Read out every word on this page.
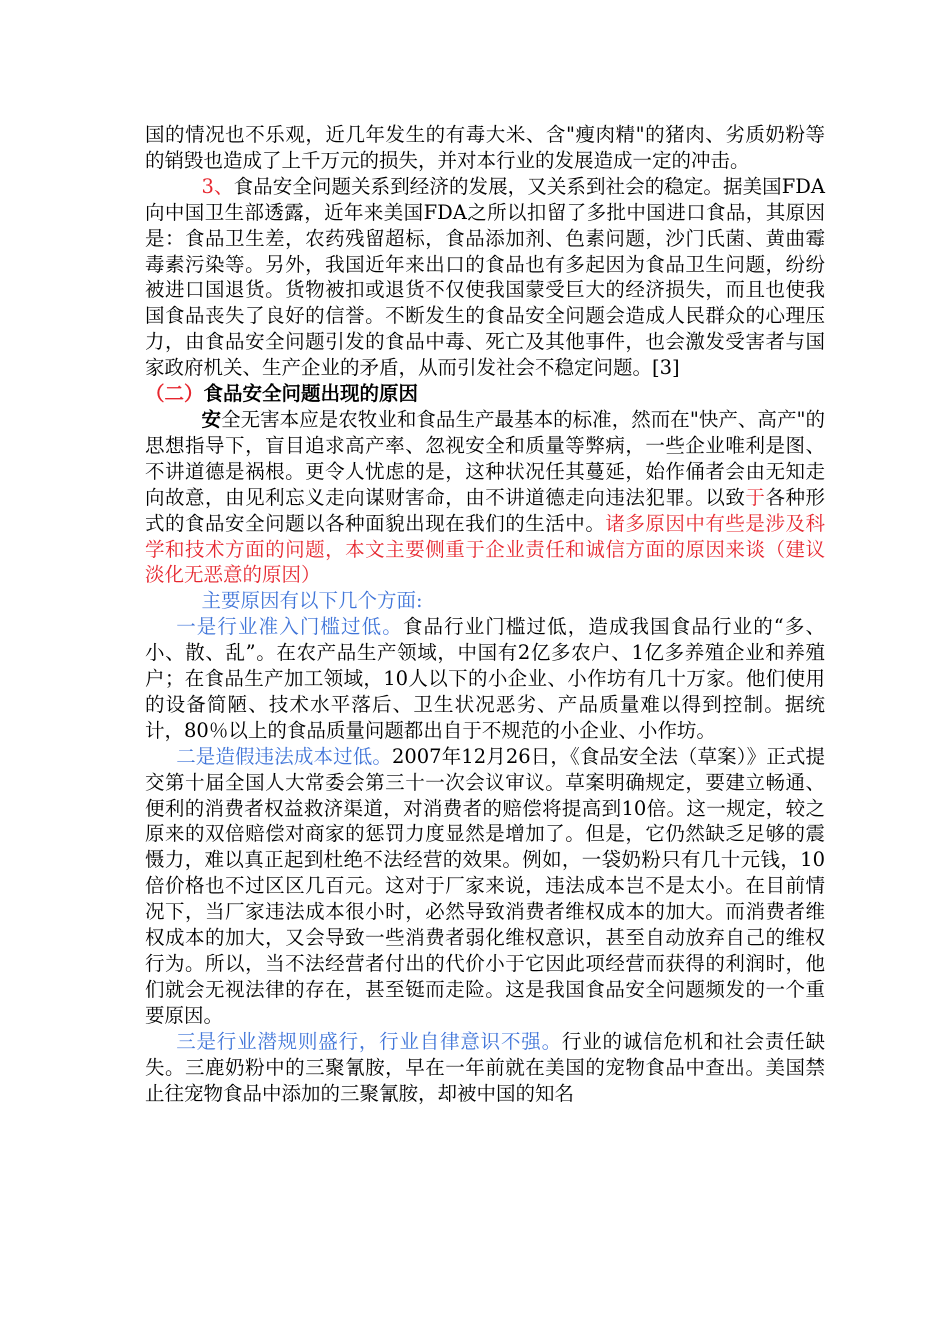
国的情况也不乐观，近几年发生的有毒大米、含"瘦肉精"的猪肉、劣质奶粉等的销毁也造成了上千万元的损失，并对本行业的发展造成一定的冲击。

3、食品安全问题关系到经济的发展，又关系到社会的稳定。据美国FDA向中国卫生部透露，近年来美国FDA之所以扣留了多批中国进口食品，其原因是：食品卫生差，农药残留超标，食品添加剂、色素问题，沙门氏菌、黄曲霉毒素污染等。另外，我国近年来出口的食品也有多起因为食品卫生问题，纷纷被进口国退货。货物被扣或退货不仅使我国蒙受巨大的经济损失，而且也使我国食品丧失了良好的信誉。不断发生的食品安全问题会造成人民群众的心理压力，由食品安全问题引发的食品中毒、死亡及其他事件，也会激发受害者与国家政府机关、生产企业的矛盾，从而引发社会不稳定问题。[3]

（二）食品安全问题出现的原因

安全无害本应是农牧业和食品生产最基本的标准，然而在"快产、高产"的思想指导下，盲目追求高产率、忽视安全和质量等弊病，一些企业唯利是图、不讲道德是祸根。更令人忧虑的是，这种状况任其蔓延，始作俑者会由无知走向故意，由见利忘义走向谋财害命，由不讲道德走向违法犯罪。以致于各种形式的食品安全问题以各种面貌出现在我们的生活中。诸多原因中有些是涉及科学和技术方面的问题，本文主要侧重于企业责任和诚信方面的原因来谈（建议淡化无恶意的原因）

主要原因有以下几个方面:

一是行业准入门槛过低。食品行业门槛过低，造成我国食品行业的“多、小、散、乱”。在农产品生产领域，中国有2亿多农户、1亿多养殖企业和养殖户；在食品生产加工领域，10人以下的小企业、小作坊有几十万家。他们使用的设备简陋、技术水平落后、卫生状况恶劣、产品质量难以得到控制。据统计，80％以上的食品质量问题都出自于不规范的小企业、小作坊。

二是造假违法成本过低。2007年12月26日，《食品安全法（草案）》正式提交第十届全国人大常委会第三十一次会议审议。草案明确规定，要建立畅通、便利的消费者权益救济渠道，对消费者的赔偿将提高到10倍。这一规定，较之原来的双倍赔偿对商家的惩罚力度显然是增加了。但是，它仍然缺乏足够的震慑力，难以真正起到杜绝不法经营的效果。例如，一袋奶粉只有几十元钱，10倍价格也不过区区几百元。这对于厂家来说，违法成本岂不是太小。在目前情况下，当厂家违法成本很小时，必然导致消费者维权成本的加大。而消费者维权成本的加大，又会导致一些消费者弱化维权意识，甚至自动放弃自己的维权行为。所以，当不法经营者付出的代价小于它因此项经营而获得的利润时，他们就会无视法律的存在，甚至铤而走险。这是我国食品安全问题频发的一个重要原因。

三是行业潜规则盛行，行业自律意识不强。行业的诚信危机和社会责任缺失。三鹿奶粉中的三聚氰胺，早在一年前就在美国的宠物食品中查出。美国禁止往宠物食品中添加的三聚氰胺，却被中国的知名
